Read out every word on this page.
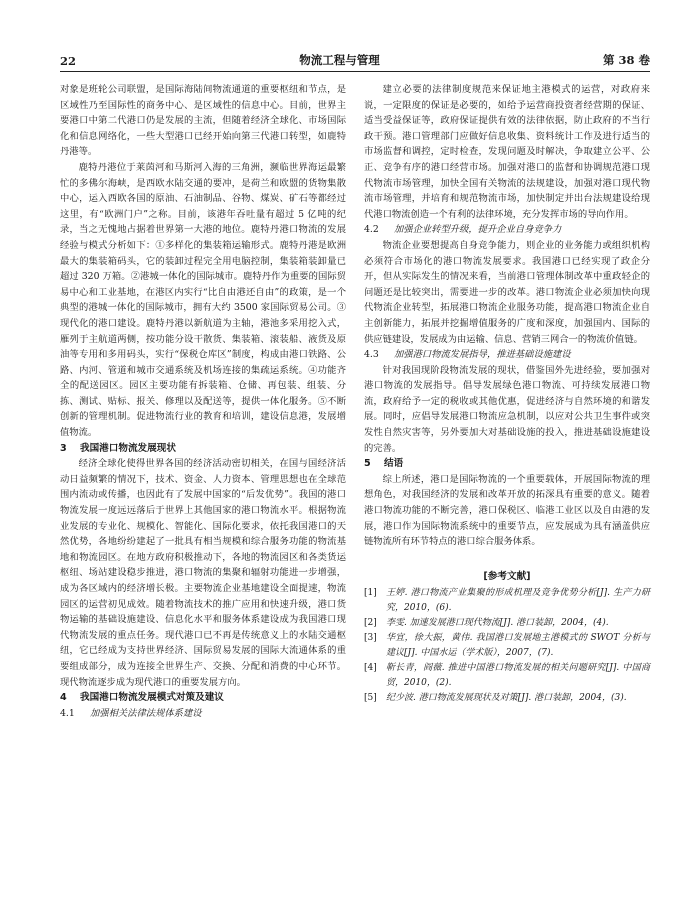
22	物流工程与管理	第 38 卷

对象是班轮公司联盟，是国际海陆间物流通道的重要枢纽和节点，是区域性乃至国际性的商务中心、是区域性的信息中心。目前，世界主要港口中第二代港口仍是发展的主流，但随着经济全球化、市场国际化和信息网络化，一些大型港口已经开始向第三代港口转型，如鹿特丹港等。

鹿特丹港位于莱茵河和马斯河入海的三角洲，濒临世界海运最繁忙的多佛尔海峡，是西欧水陆交通的要冲，是荷兰和欧盟的货物集散中心，运入西欧各国的原油、石油制品、谷物、煤炭、矿石等都经过这里，有“欧洲门户”之称。目前，该港年吞吐量有超过 5 亿吨的纪录，当之无愧地占据着世界第一大港的地位。鹿特丹港口物流的发展经验与模式分析如下：①多样化的集装箱运输形式。鹿特丹港是欧洲最大的集装箱码头，它的装卸过程完全用电脑控制，集装箱装卸量已超过 320 万箱。②港城一体化的国际城市。鹿特丹作为重要的国际贸易中心和工业基地，在港区内实行“比自由港还自由”的政策，是一个典型的港城一体化的国际城市，拥有大约 3500 家国际贸易公司。③现代化的港口建设。鹿特丹港以新航道为主轴，港池多采用挖入式，雁列于主航道两侧，按功能分设干散货、集装箱、滚装船、液货及原油等专用和多用码头，实行“保税仓库区”制度，构成由港口铁路、公路、内河、管道和城市交通系统及机场连接的集疏运系统。④功能齐全的配送园区。园区主要功能有拆装箱、仓储、再包装、组装、分拣、测试、贴标、报关、修理以及配送等，提供一体化服务。⑤不断创新的管理机制。促进物流行业的教育和培训，建设信息港，发展增值物流。

3 我国港口物流发展现状

经济全球化使得世界各国的经济活动密切相关，在国与国经济活动日益频繁的情况下，技术、资金、人力资本、管理思想也在全球范围内流动或传播，也因此有了发展中国家的“后发优势”。我国的港口物流发展一度远远落后于世界上其他国家的港口物流水平。根据物流业发展的专业化、规模化、智能化、国际化要求，依托我国港口的天然优势，各地纷纷建起了一批具有相当规模和综合服务功能的物流基地和物流园区。在地方政府积极推动下，各地的物流园区和各类货运枢纽、场站建设稳步推进，港口物流的集聚和辐射功能进一步增强，成为各区域内的经济增长极。主要物流企业基地建设全面提速，物流园区的运营初见成效。随着物流技术的推广应用和快速升级，港口货物运输的基础设施建设、信息化水平和服务体系建设成为我国港口现代物流发展的重点任务。现代港口已不再是传统意义上的水陆交通枢纽，它已经成为支持世界经济、国际贸易发展的国际大流通体系的重要组成部分，成为连接全世界生产、交换、分配和消费的中心环节。现代物流逐步成为现代港口的重要发展方向。

4 我国港口物流发展模式对策及建议
4.1 加强相关法律法规体系建设

建立必要的法律制度规范来保证地主港模式的运营，对政府来说，一定限度的保证是必要的，如给予运营商投资者经营期的保证、适当受益保证等，政府保证提供有效的法律依据，防止政府的不当行政干预。港口管理部门应做好信息收集、资料统计工作及进行适当的市场监督和调控，定时检查，发现问题及时解决，争取建立公平、公正、竞争有序的港口经营市场。加强对港口的监督和协调规范港口现代物流市场管理，加快全国有关物流的法规建设，加强对港口现代物流市场管理，并培育和规范物流市场，加快制定并出台法规建设给现代港口物流创造一个有利的法律环境，充分发挥市场的导向作用。

4.2 加强企业转型升级，提升企业自身竞争力

物流企业要想提高自身竞争能力，则企业的业务能力或组织机构必须符合市场化的港口物流发展要求。我国港口已经实现了政企分开，但从实际发生的情况来看，当前港口管理体制改革中重政轻企的问题还是比较突出，需要进一步的改革。港口物流企业必须加快向现代物流企业转型，拓展港口物流企业服务功能，提高港口物流企业自主创新能力，拓展并挖掘增值服务的广度和深度，加强国内、国际的供应链建设，发展成为由运输、信息、营销三网合一的物流价值链。

4.3 加强港口物流发展指导，推进基础设施建设

针对我国现阶段物流发展的现状，借鉴国外先进经验，要加强对港口物流的发展指导。倡导发展绿色港口物流、可持续发展港口物流，政府给予一定的税收或其他优惠，促进经济与自然环境的和谐发展。同时，应倡导发展港口物流应急机制，以应对公共卫生事件或突发性自然灾害等，另外要加大对基础设施的投入，推进基础设施建设的完善。

5 结语

综上所述，港口是国际物流的一个重要载体，开展国际物流的理想角色，对我国经济的发展和改革开放的拓深具有重要的意义。随着港口物流功能的不断完善，港口保税区、临港工业区以及自由港的发展，港口作为国际物流系统中的重要节点，应发展成为具有涵盖供应链物流所有环节特点的港口综合服务体系。

[参考文献]
[1]	王婷. 港口物流产业集聚的形成机理及竞争优势分析[J]. 生产力研究，2010，(6).
[2]	李雯. 加速发展港口现代物流[J]. 港口装卸，2004，(4).
[3]	华宜，徐大振，黄伟. 我国港口发展地主港模式的 SWOT 分析与建议[J]. 中国水运（学术版），2007，(7).
[4]	靳长青，阎薇. 推进中国港口物流发展的相关问题研究[J]. 中国商贸，2010，(2).
[5]	纪少波. 港口物流发展现状及对策[J]. 港口装卸，2004，(3).
